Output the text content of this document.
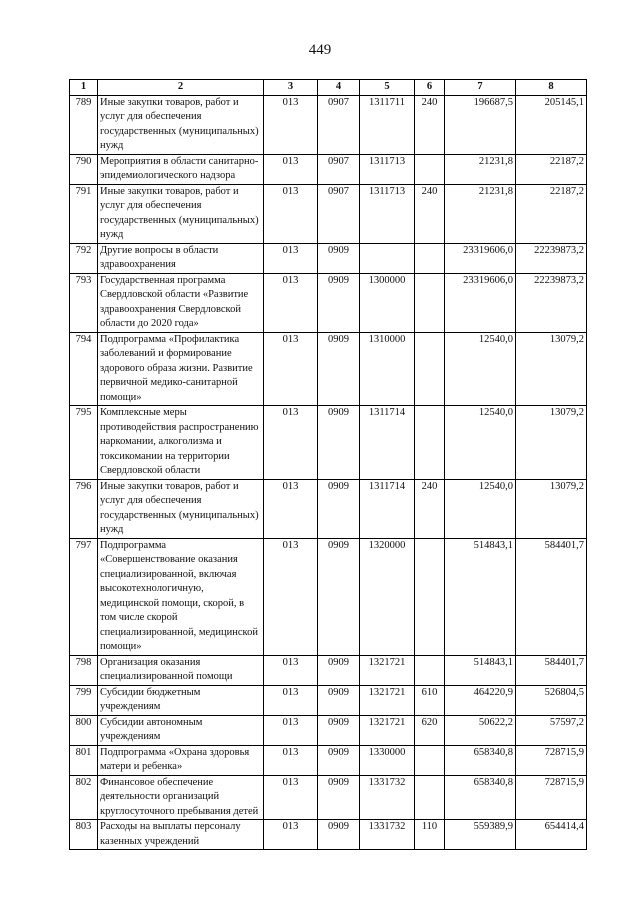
449
1	2	3	4	5	6	7	8
789	Иные закупки товаров, работ и услуг для обеспечения государственных (муниципальных) нужд	013	0907	1311711	240	196687,5	205145,1
790	Мероприятия в области санитарно-эпидемиологического надзора	013	0907	1311713		21231,8	22187,2
791	Иные закупки товаров, работ и услуг для обеспечения государственных (муниципальных) нужд	013	0907	1311713	240	21231,8	22187,2
792	Другие вопросы в области здравоохранения	013	0909			23319606,0	22239873,2
793	Государственная программа Свердловской области «Развитие здравоохранения Свердловской области до 2020 года»	013	0909	1300000		23319606,0	22239873,2
794	Подпрограмма «Профилактика заболеваний и формирование здорового образа жизни. Развитие первичной медико-санитарной помощи»	013	0909	1310000		12540,0	13079,2
795	Комплексные меры противодействия распространению наркомании, алкоголизма и токсикомании на территории Свердловской области	013	0909	1311714		12540,0	13079,2
796	Иные закупки товаров, работ и услуг для обеспечения государственных (муниципальных) нужд	013	0909	1311714	240	12540,0	13079,2
797	Подпрограмма «Совершенствование оказания специализированной, включая высокотехнологичную, медицинской помощи, скорой, в том числе скорой специализированной, медицинской помощи»	013	0909	1320000		514843,1	584401,7
798	Организация оказания специализированной помощи	013	0909	1321721		514843,1	584401,7
799	Субсидии бюджетным учреждениям	013	0909	1321721	610	464220,9	526804,5
800	Субсидии автономным учреждениям	013	0909	1321721	620	50622,2	57597,2
801	Подпрограмма «Охрана здоровья матери и ребенка»	013	0909	1330000		658340,8	728715,9
802	Финансовое обеспечение деятельности организаций круглосуточного пребывания детей	013	0909	1331732		658340,8	728715,9
803	Расходы на выплаты персоналу казенных учреждений	013	0909	1331732	110	559389,9	654414,4
